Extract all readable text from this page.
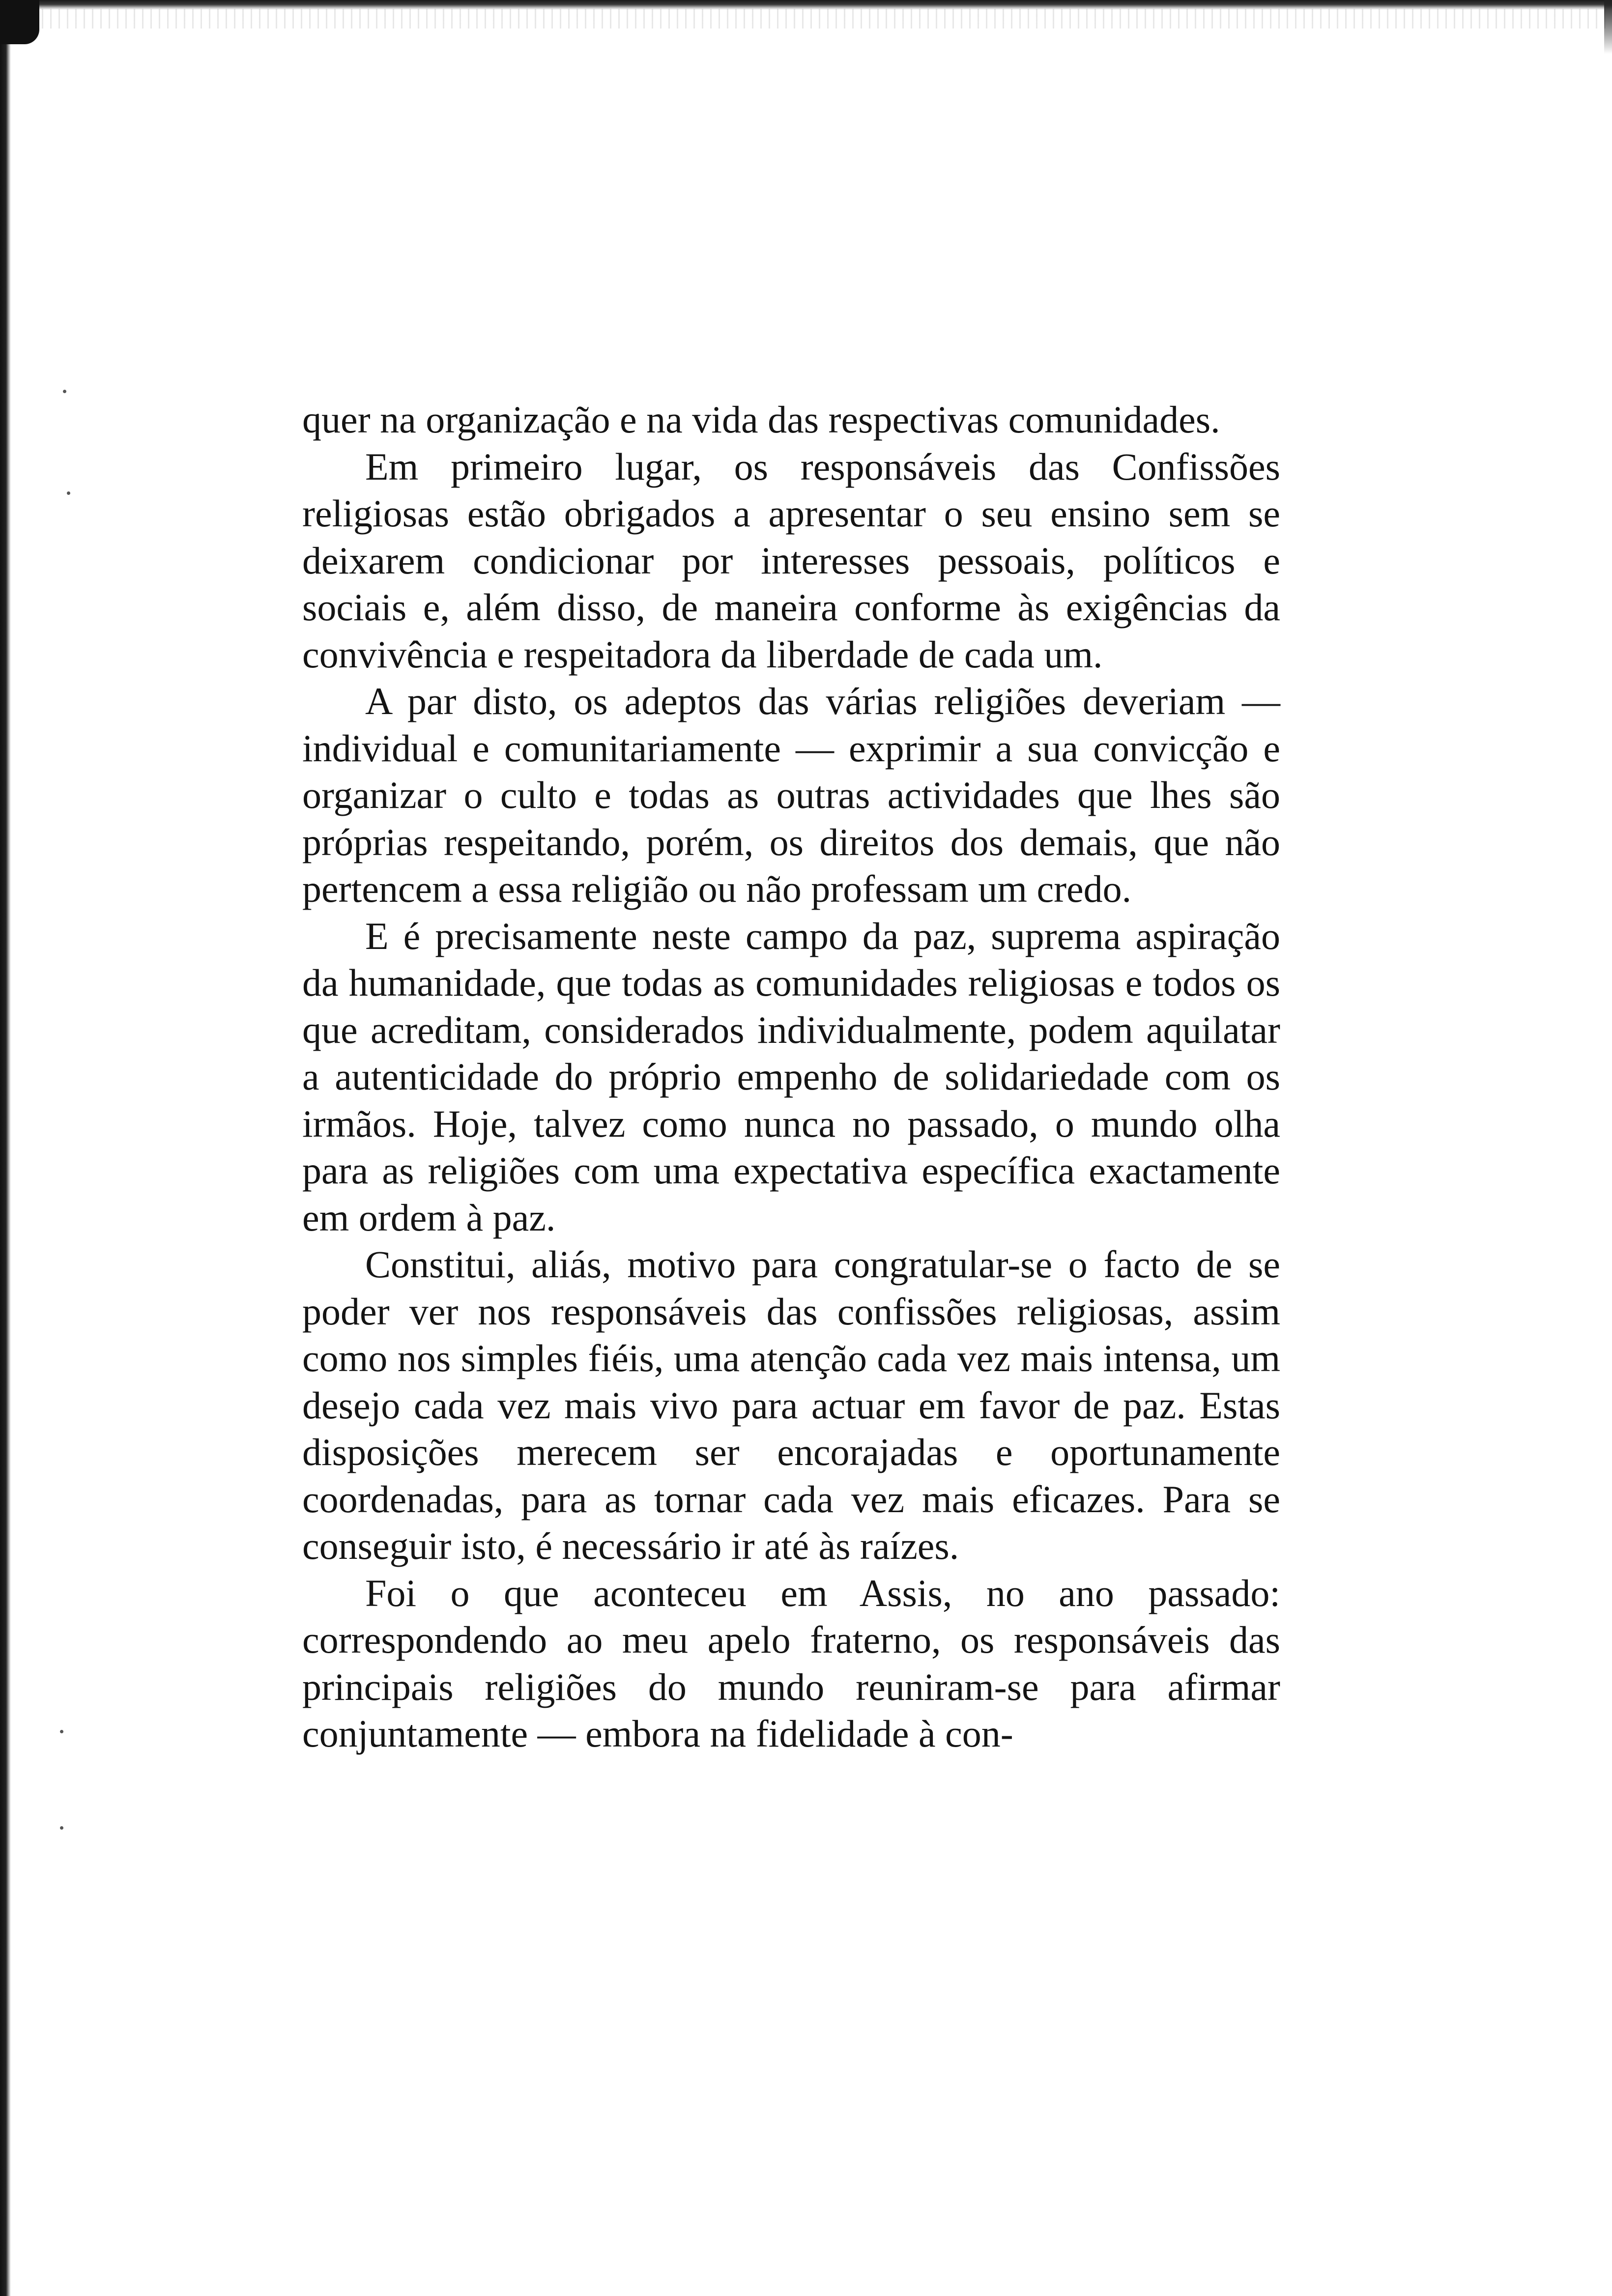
quer na organização e na vida das respectivas comunidades.

Em primeiro lugar, os responsáveis das Confissões religiosas estão obrigados a apresentar o seu ensino sem se deixarem condicionar por interesses pessoais, políticos e sociais e, além disso, de maneira conforme às exigências da convivência e respeitadora da liberdade de cada um.

A par disto, os adeptos das várias religiões deveriam — individual e comunitariamente — exprimir a sua convicção e organizar o culto e todas as outras actividades que lhes são próprias respeitando, porém, os direitos dos demais, que não pertencem a essa religião ou não professam um credo.

E é precisamente neste campo da paz, suprema aspiração da humanidade, que todas as comunidades religiosas e todos os que acreditam, considerados individualmente, podem aquilatar a autenticidade do próprio empenho de solidariedade com os irmãos. Hoje, talvez como nunca no passado, o mundo olha para as religiões com uma expectativa específica exactamente em ordem à paz.

Constitui, aliás, motivo para congratular-se o facto de se poder ver nos responsáveis das confissões religiosas, assim como nos simples fiéis, uma atenção cada vez mais intensa, um desejo cada vez mais vivo para actuar em favor de paz. Estas disposições merecem ser encorajadas e oportunamente coordenadas, para as tornar cada vez mais eficazes. Para se conseguir isto, é necessário ir até às raízes.

Foi o que aconteceu em Assis, no ano passado: correspondendo ao meu apelo fraterno, os responsáveis das principais religiões do mundo reuniram-se para afirmar conjuntamente — embora na fidelidade à con-
